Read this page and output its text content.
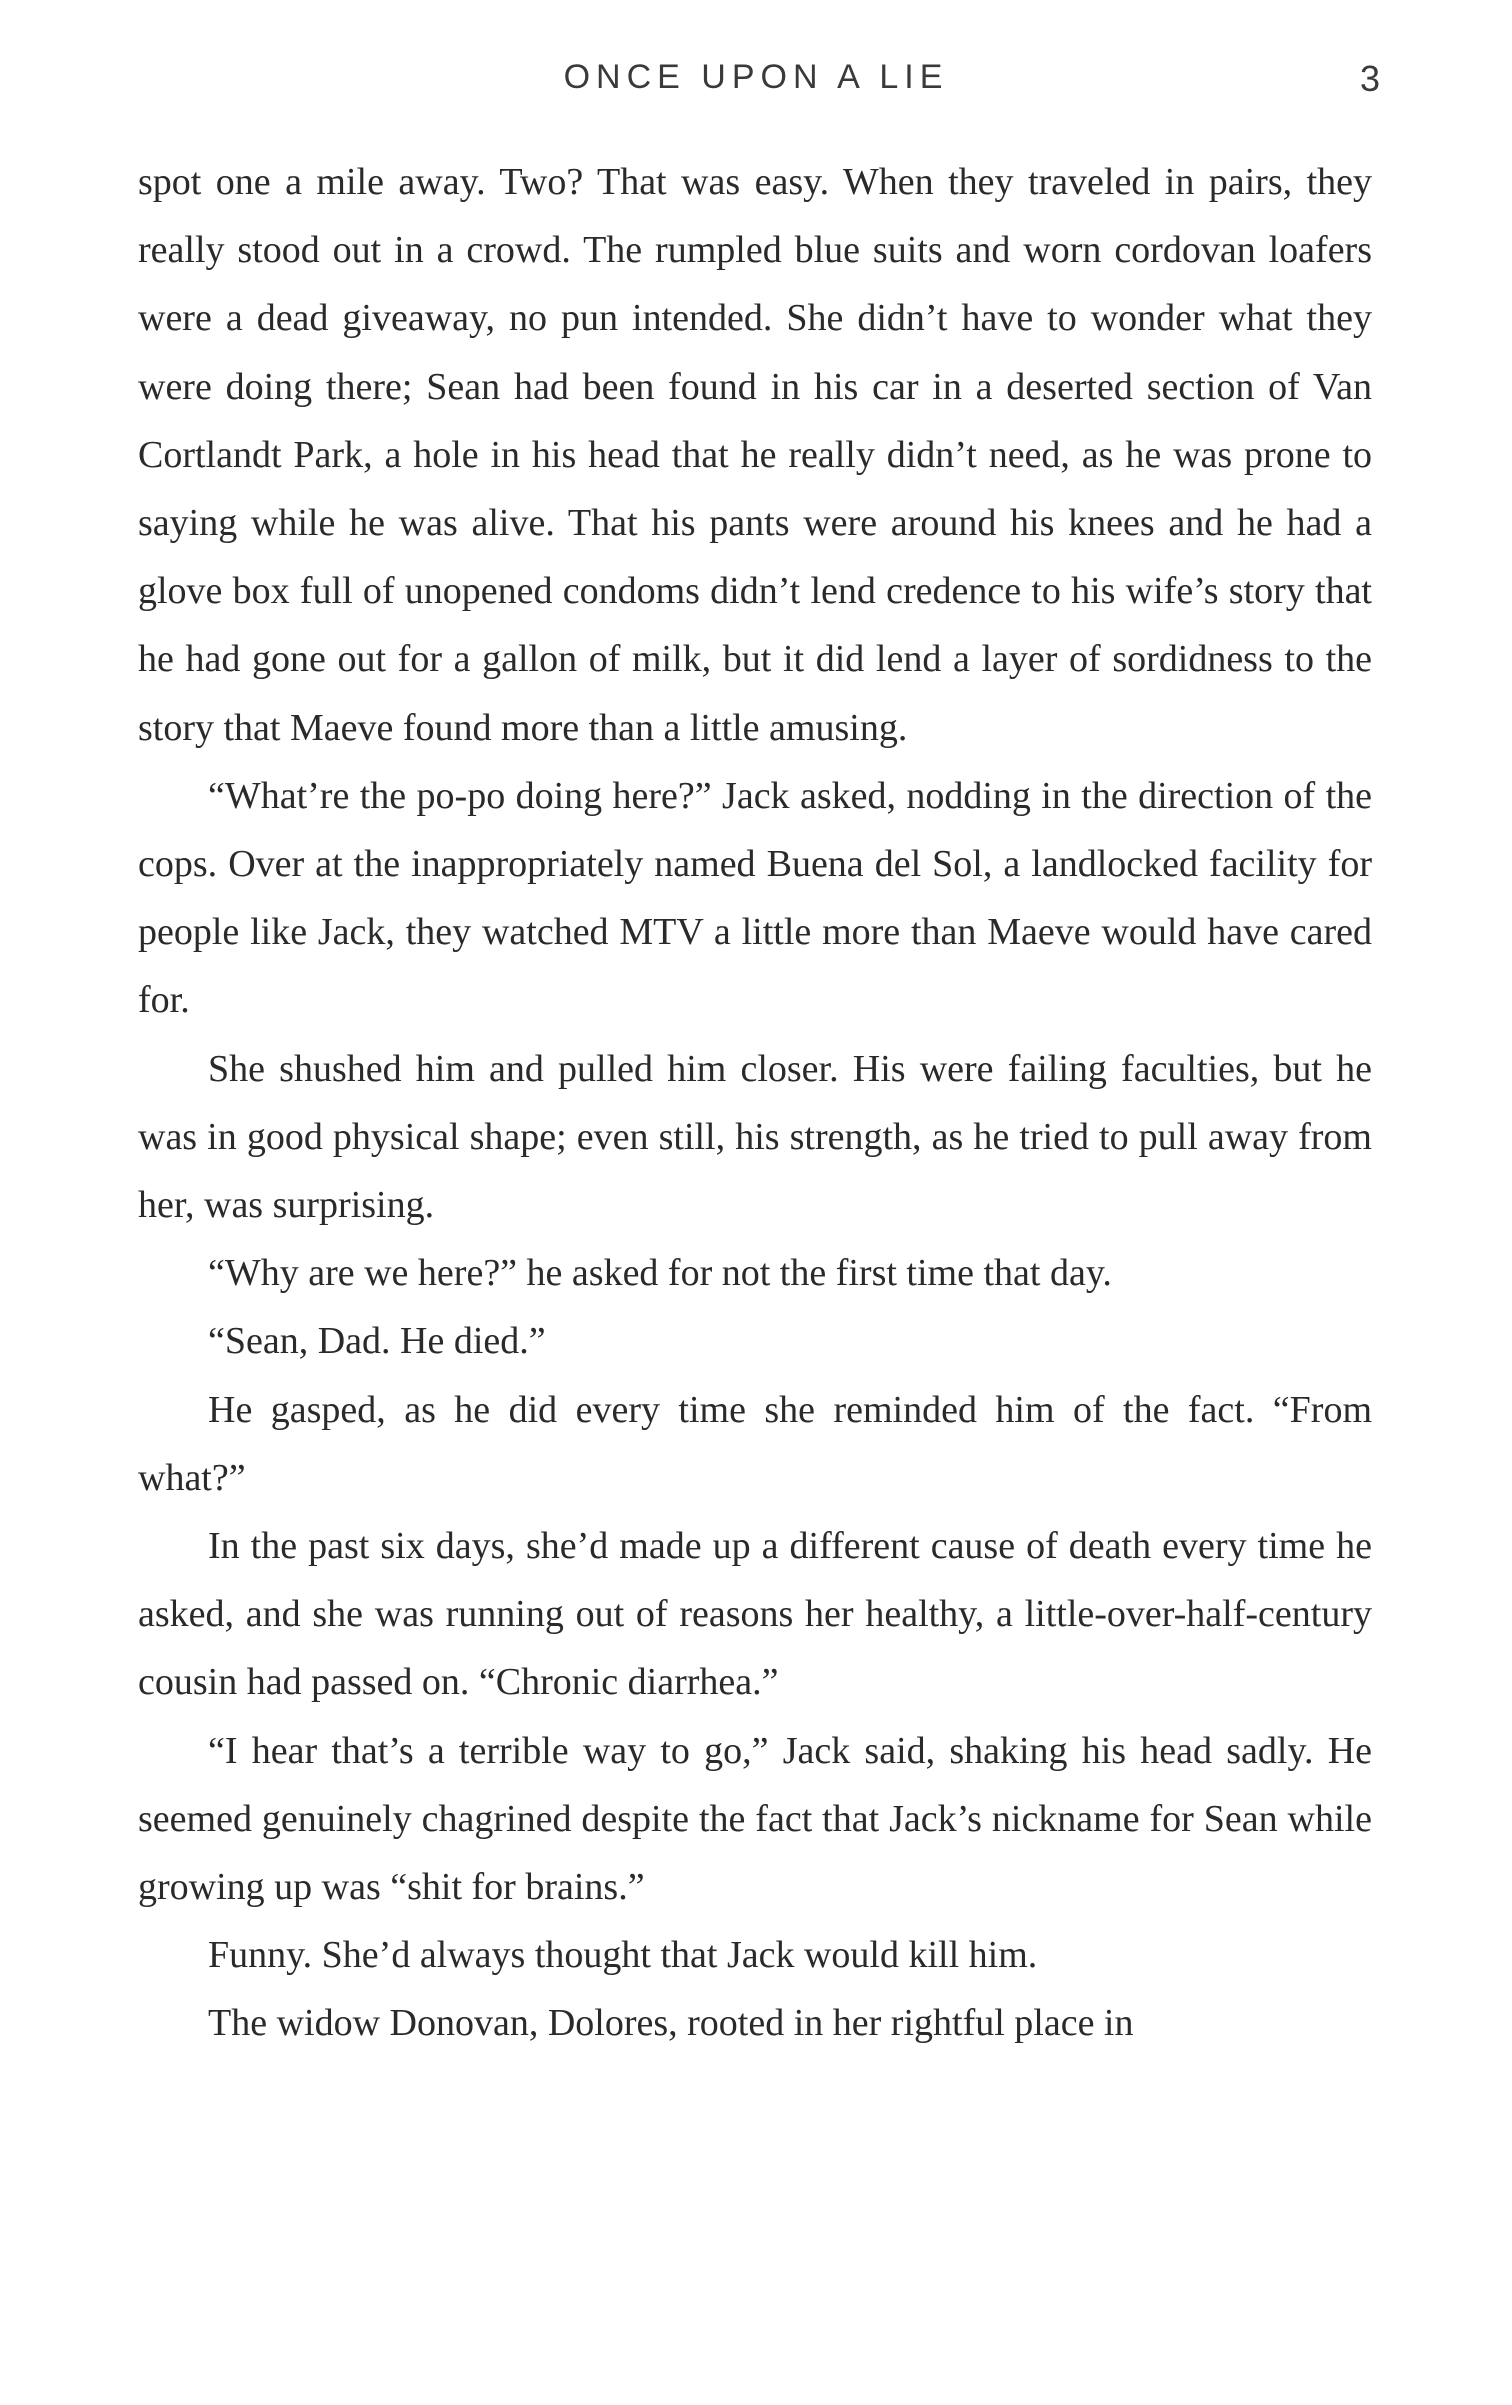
ONCE UPON A LIE	3

spot one a mile away. Two? That was easy. When they traveled in pairs, they really stood out in a crowd. The rumpled blue suits and worn cordovan loafers were a dead giveaway, no pun intended. She didn’t have to wonder what they were doing there; Sean had been found in his car in a deserted section of Van Cortlandt Park, a hole in his head that he really didn’t need, as he was prone to saying while he was alive. That his pants were around his knees and he had a glove box full of unopened condoms didn’t lend credence to his wife’s story that he had gone out for a gallon of milk, but it did lend a layer of sordidness to the story that Maeve found more than a little amusing.

“What’re the po-po doing here?” Jack asked, nodding in the direction of the cops. Over at the inappropriately named Buena del Sol, a landlocked facility for people like Jack, they watched MTV a little more than Maeve would have cared for.

She shushed him and pulled him closer. His were failing faculties, but he was in good physical shape; even still, his strength, as he tried to pull away from her, was surprising.

“Why are we here?” he asked for not the first time that day.

“Sean, Dad. He died.”

He gasped, as he did every time she reminded him of the fact. “From what?”

In the past six days, she’d made up a different cause of death every time he asked, and she was running out of reasons her healthy, a little-over-half-century cousin had passed on. “Chronic diarrhea.”

“I hear that’s a terrible way to go,” Jack said, shaking his head sadly. He seemed genuinely chagrined despite the fact that Jack’s nickname for Sean while growing up was “shit for brains.”

Funny. She’d always thought that Jack would kill him.

The widow Donovan, Dolores, rooted in her rightful place in
